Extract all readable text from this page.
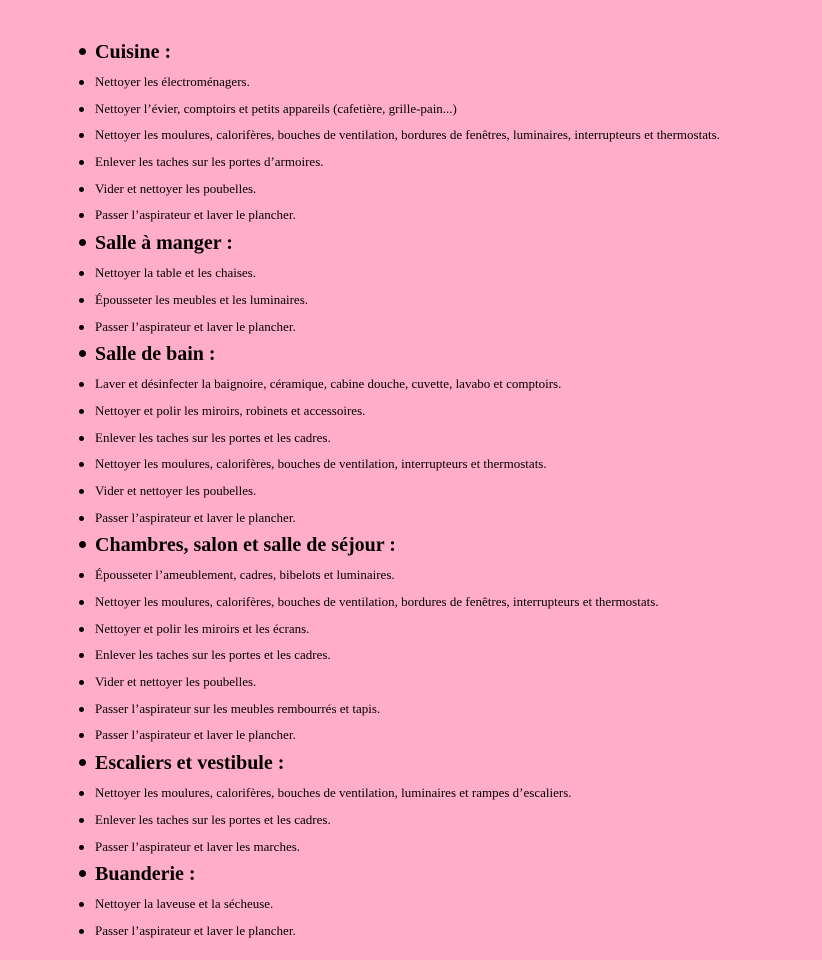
Cuisine :
Nettoyer les électroménagers.
Nettoyer l’évier, comptoirs et petits appareils (cafetière, grille-pain...)
Nettoyer les moulures, calorifères, bouches de ventilation, bordures de fenêtres, luminaires, interrupteurs et thermostats.
Enlever les taches sur les portes d’armoires.
Vider et nettoyer les poubelles.
Passer l’aspirateur et laver le plancher.
Salle à manger :
Nettoyer la table et les chaises.
Épousseter les meubles et les luminaires.
Passer l’aspirateur et laver le plancher.
Salle de bain :
Laver et désinfecter la baignoire, céramique, cabine douche, cuvette, lavabo et comptoirs.
Nettoyer et polir les miroirs, robinets et accessoires.
Enlever les taches sur les portes et les cadres.
Nettoyer les moulures, calorifères, bouches de ventilation, interrupteurs et thermostats.
Vider et nettoyer les poubelles.
Passer l’aspirateur et laver le plancher.
Chambres, salon et salle de séjour :
Épousseter l’ameublement, cadres, bibelots et luminaires.
Nettoyer les moulures, calorifères, bouches de ventilation, bordures de fenêtres, interrupteurs et thermostats.
Nettoyer et polir les miroirs et les écrans.
Enlever les taches sur les portes et les cadres.
Vider et nettoyer les poubelles.
Passer l’aspirateur sur les meubles rembourrés et tapis.
Passer l’aspirateur et laver le plancher.
Escaliers et vestibule :
Nettoyer les moulures, calorifères, bouches de ventilation, luminaires et rampes d’escaliers.
Enlever les taches sur les portes et les cadres.
Passer l’aspirateur et laver les marches.
Buanderie :
Nettoyer la laveuse et la sécheuse.
Passer l’aspirateur et laver le plancher.
